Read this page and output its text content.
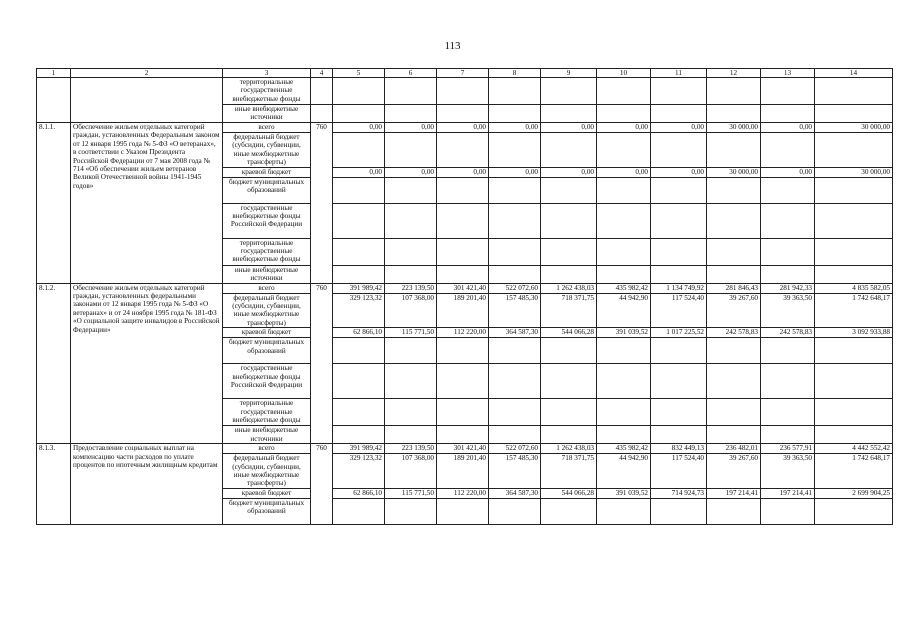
113
1	2	3	4	5	6	7	8	9	10	11	12	13	14
		территориальные государственные внебюджетные фонды											
		иные внебюджетные источники											
8.1.1.	Обеспечение жильем отдельных категорий граждан, установленных Федеральным законом от 12 января 1995 года № 5-ФЗ «О ветеранах», в соответствии с Указом Президента Российской Федерации от 7 мая 2008 года № 714 «Об обеспечении жильем ветеранов Великой Отечественной войны 1941-1945 годов»	всего	760	0,00	0,00	0,00	0,00	0,00	0,00	0,00	30 000,00	0,00	30 000,00
		федеральный бюджет (субсидии, субвенции, иные межбюджетные трансферты)											
		краевой бюджет		0,00	0,00	0,00	0,00	0,00	0,00	0,00	30 000,00	0,00	30 000,00
		бюджет муниципальных образований											
		государственные внебюджетные фонды Российской Федерации											
		территориальные государственные внебюджетные фонды											
		иные внебюджетные источники											
8.1.2.	Обеспечение жильем отдельных категорий граждан, установленных федеральными законами от 12 января 1995 года № 5-ФЗ «О ветеранах» и от 24 ноября 1995 года № 181-ФЗ «О социальной защите инвалидов в Российской Федерации»	всего	760	391 989,42	223 139,50	301 421,40	522 072,60	1 262 438,03	435 982,42	1 134 749,92	281 846,43	281 942,33	4 835 582,05
		федеральный бюджет (субсидии, субвенции, иные межбюджетные трансферты)		329 123,32	107 368,00	189 201,40	157 485,30	718 371,75	44 942,90	117 524,40	39 267,60	39 363,50	1 742 648,17
		краевой бюджет		62 866,10	115 771,50	112 220,00	364 587,30	544 066,28	391 039,52	1 017 225,52	242 578,83	242 578,83	3 092 933,88
		бюджет муниципальных образований											
		государственные внебюджетные фонды Российской Федерации											
		территориальные государственные внебюджетные фонды											
		иные внебюджетные источники											
8.1.3.	Предоставление социальных выплат на компенсацию части расходов по уплате процентов по ипотечным жилищным кредитам	всего	760	391 989,42	223 139,50	301 421,40	522 072,60	1 262 438,03	435 982,42	832 449,13	236 482,01	236 577,91	4 442 552,42
		федеральный бюджет (субсидии, субвенции, иные межбюджетные трансферты)		329 123,32	107 368,00	189 201,40	157 485,30	718 371,75	44 942,90	117 524,40	39 267,60	39 363,50	1 742 648,17
		краевой бюджет		62 866,10	115 771,50	112 220,00	364 587,30	544 066,28	391 039,52	714 924,73	197 214,41	197 214,41	2 699 904,25
		бюджет муниципальных образований											
